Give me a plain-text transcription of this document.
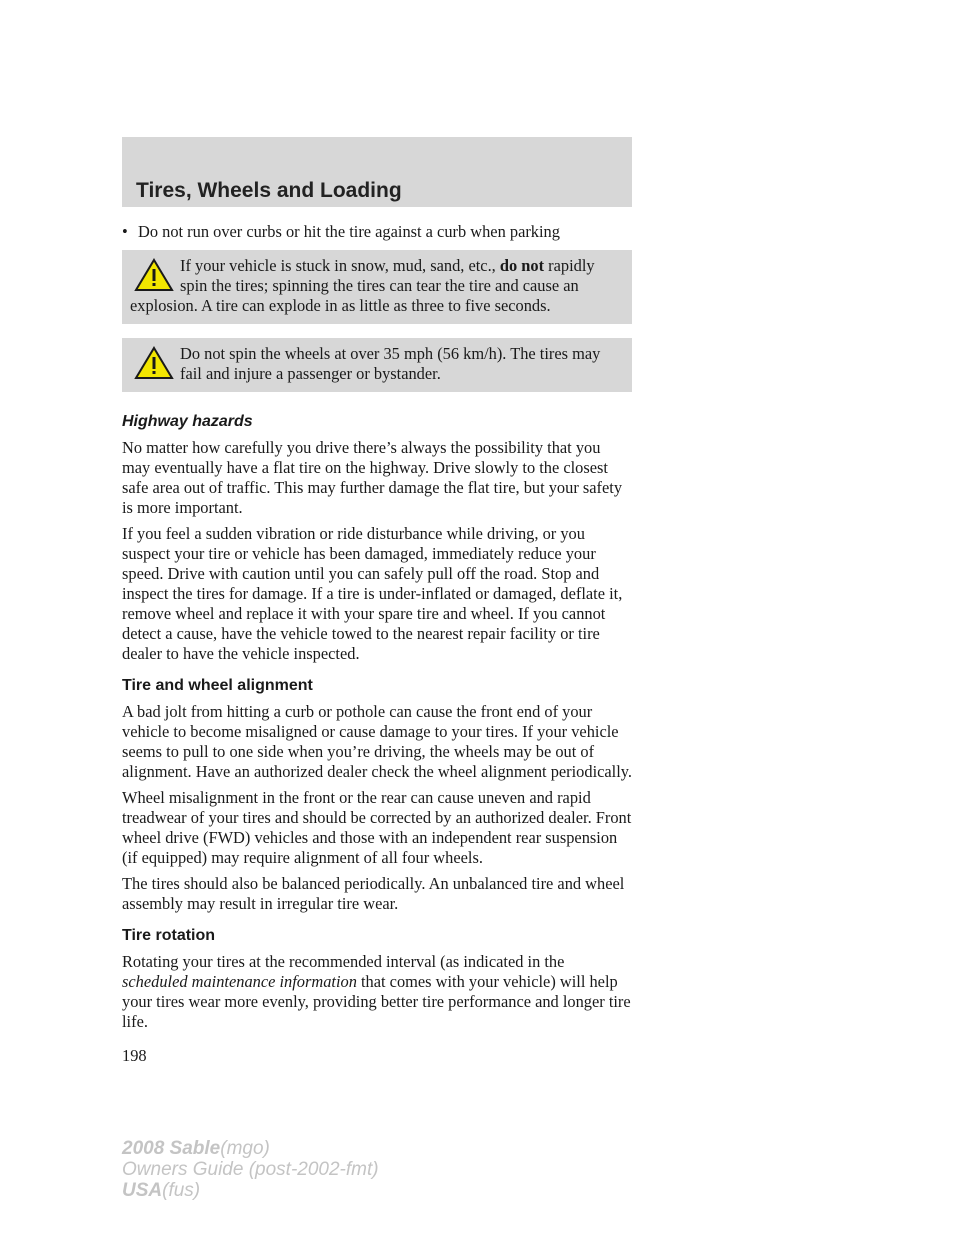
Tires, Wheels and Loading
• Do not run over curbs or hit the tire against a curb when parking

If your vehicle is stuck in snow, mud, sand, etc., do not rapidly spin the tires; spinning the tires can tear the tire and cause an explosion. A tire can explode in as little as three to five seconds.

Do not spin the wheels at over 35 mph (56 km/h). The tires may fail and injure a passenger or bystander.

Highway hazards

No matter how carefully you drive there’s always the possibility that you may eventually have a flat tire on the highway. Drive slowly to the closest safe area out of traffic. This may further damage the flat tire, but your safety is more important.

If you feel a sudden vibration or ride disturbance while driving, or you suspect your tire or vehicle has been damaged, immediately reduce your speed. Drive with caution until you can safely pull off the road. Stop and inspect the tires for damage. If a tire is under-inflated or damaged, deflate it, remove wheel and replace it with your spare tire and wheel. If you cannot detect a cause, have the vehicle towed to the nearest repair facility or tire dealer to have the vehicle inspected.

Tire and wheel alignment

A bad jolt from hitting a curb or pothole can cause the front end of your vehicle to become misaligned or cause damage to your tires. If your vehicle seems to pull to one side when you’re driving, the wheels may be out of alignment. Have an authorized dealer check the wheel alignment periodically.

Wheel misalignment in the front or the rear can cause uneven and rapid treadwear of your tires and should be corrected by an authorized dealer. Front wheel drive (FWD) vehicles and those with an independent rear suspension (if equipped) may require alignment of all four wheels.

The tires should also be balanced periodically. An unbalanced tire and wheel assembly may result in irregular tire wear.

Tire rotation

Rotating your tires at the recommended interval (as indicated in the scheduled maintenance information that comes with your vehicle) will help your tires wear more evenly, providing better tire performance and longer tire life.

198
2008 Sable(mgo)
Owners Guide (post-2002-fmt)
USA(fus)
